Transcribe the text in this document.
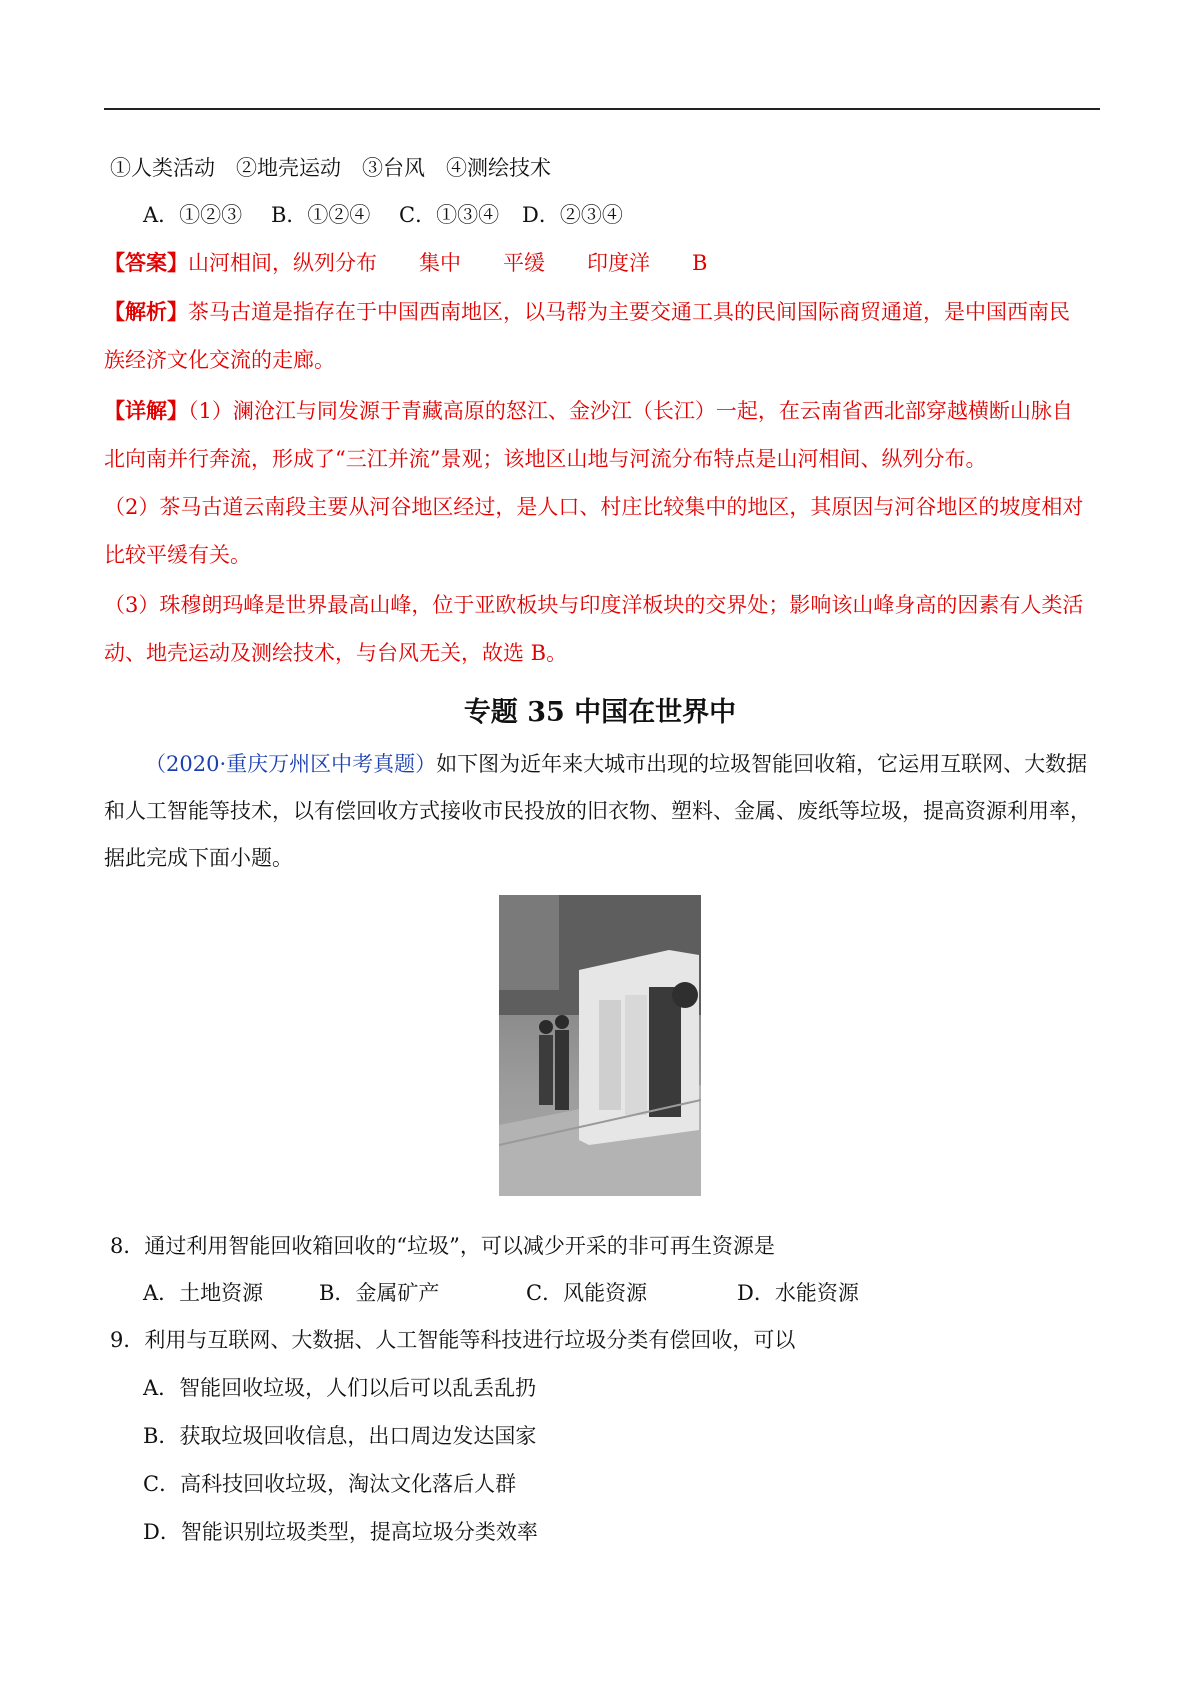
①人类活动　②地壳运动　③台风　④测绘技术
A．①②③ B．①②④ C．①③④ D．②③④
【答案】山河相间，纵列分布　　集中　　平缓　　印度洋　　B
【解析】茶马古道是指存在于中国西南地区，以马帮为主要交通工具的民间国际商贸通道，是中国西南民
族经济文化交流的走廊。
【详解】（1）澜沧江与同发源于青藏高原的怒江、金沙江（长江）一起，在云南省西北部穿越横断山脉自
北向南并行奔流，形成了“三江并流”景观；该地区山地与河流分布特点是山河相间、纵列分布。
（2）茶马古道云南段主要从河谷地区经过，是人口、村庄比较集中的地区，其原因与河谷地区的坡度相对
比较平缓有关。
（3）珠穆朗玛峰是世界最高山峰，位于亚欧板块与印度洋板块的交界处；影响该山峰身高的因素有人类活
动、地壳运动及测绘技术，与台风无关，故选 B。
专题 35 中国在世界中
（2020·重庆万州区中考真题）如下图为近年来大城市出现的垃圾智能回收箱，它运用互联网、大数据
和人工智能等技术，以有偿回收方式接收市民投放的旧衣物、塑料、金属、废纸等垃圾，提高资源利用率，
据此完成下面小题。
8．通过利用智能回收箱回收的“垃圾”，可以减少开采的非可再生资源是
A．土地资源	B．金属矿产	C．风能资源	D．水能资源
9．利用与互联网、大数据、人工智能等科技进行垃圾分类有偿回收，可以
A．智能回收垃圾，人们以后可以乱丢乱扔
B．获取垃圾回收信息，出口周边发达国家
C．高科技回收垃圾，淘汰文化落后人群
D．智能识别垃圾类型，提高垃圾分类效率
